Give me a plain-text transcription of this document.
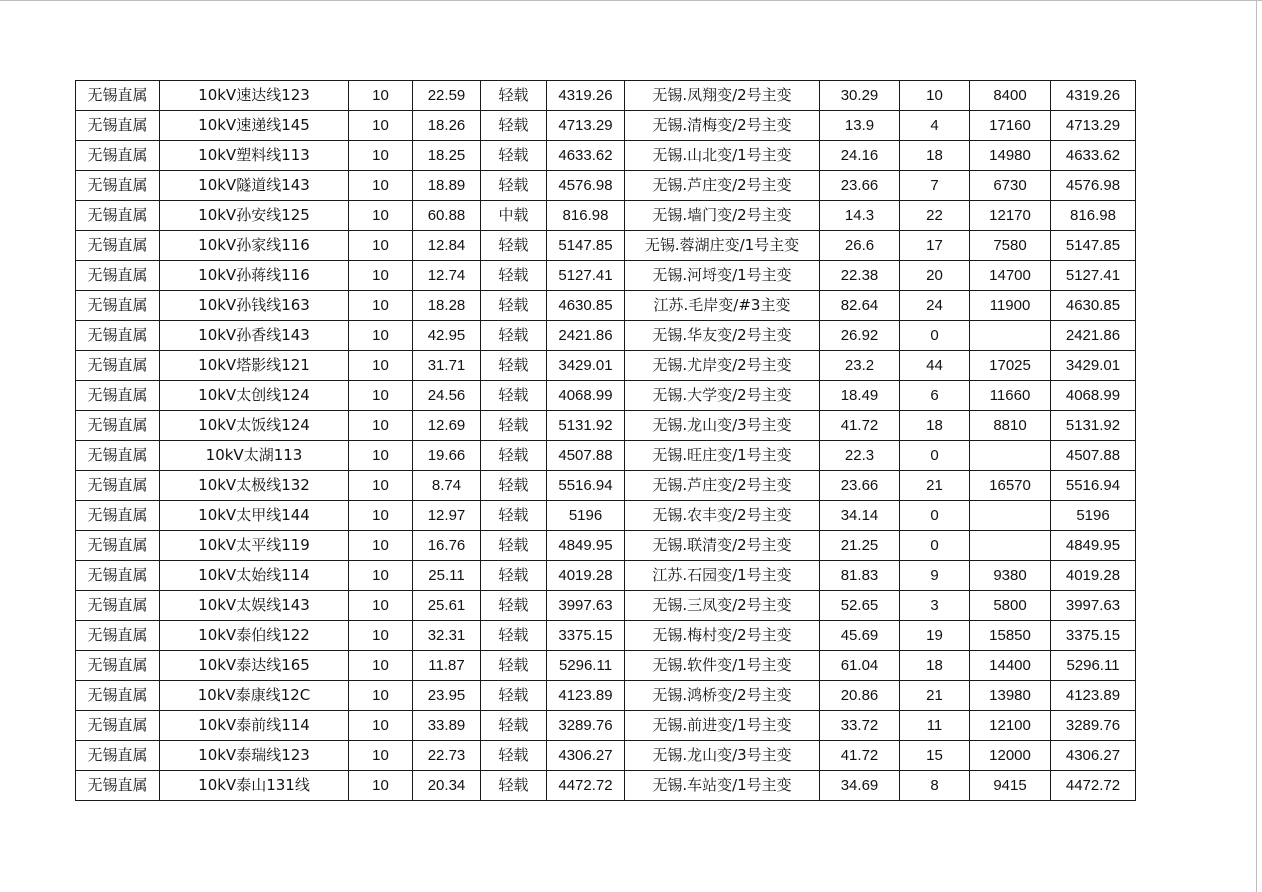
无锡直属	10kV速达线123	10	22.59	轻载	4319.26	无锡.凤翔变/2号主变	30.29	10	8400	4319.26
无锡直属	10kV速递线145	10	18.26	轻载	4713.29	无锡.清梅变/2号主变	13.9	4	17160	4713.29
无锡直属	10kV塑料线113	10	18.25	轻载	4633.62	无锡.山北变/1号主变	24.16	18	14980	4633.62
无锡直属	10kV隧道线143	10	18.89	轻载	4576.98	无锡.芦庄变/2号主变	23.66	7	6730	4576.98
无锡直属	10kV孙安线125	10	60.88	中载	816.98	无锡.墙门变/2号主变	14.3	22	12170	816.98
无锡直属	10kV孙家线116	10	12.84	轻载	5147.85	无锡.蓉湖庄变/1号主变	26.6	17	7580	5147.85
无锡直属	10kV孙蒋线116	10	12.74	轻载	5127.41	无锡.河埒变/1号主变	22.38	20	14700	5127.41
无锡直属	10kV孙钱线163	10	18.28	轻载	4630.85	江苏.毛岸变/#3主变	82.64	24	11900	4630.85
无锡直属	10kV孙香线143	10	42.95	轻载	2421.86	无锡.华友变/2号主变	26.92	0		2421.86
无锡直属	10kV塔影线121	10	31.71	轻载	3429.01	无锡.尤岸变/2号主变	23.2	44	17025	3429.01
无锡直属	10kV太创线124	10	24.56	轻载	4068.99	无锡.大学变/2号主变	18.49	6	11660	4068.99
无锡直属	10kV太饭线124	10	12.69	轻载	5131.92	无锡.龙山变/3号主变	41.72	18	8810	5131.92
无锡直属	10kV太湖113	10	19.66	轻载	4507.88	无锡.旺庄变/1号主变	22.3	0		4507.88
无锡直属	10kV太极线132	10	8.74	轻载	5516.94	无锡.芦庄变/2号主变	23.66	21	16570	5516.94
无锡直属	10kV太甲线144	10	12.97	轻载	5196	无锡.农丰变/2号主变	34.14	0		5196
无锡直属	10kV太平线119	10	16.76	轻载	4849.95	无锡.联清变/2号主变	21.25	0		4849.95
无锡直属	10kV太始线114	10	25.11	轻载	4019.28	江苏.石园变/1号主变	81.83	9	9380	4019.28
无锡直属	10kV太娱线143	10	25.61	轻载	3997.63	无锡.三凤变/2号主变	52.65	3	5800	3997.63
无锡直属	10kV泰伯线122	10	32.31	轻载	3375.15	无锡.梅村变/2号主变	45.69	19	15850	3375.15
无锡直属	10kV泰达线165	10	11.87	轻载	5296.11	无锡.软件变/1号主变	61.04	18	14400	5296.11
无锡直属	10kV泰康线12C	10	23.95	轻载	4123.89	无锡.鸿桥变/2号主变	20.86	21	13980	4123.89
无锡直属	10kV泰前线114	10	33.89	轻载	3289.76	无锡.前进变/1号主变	33.72	11	12100	3289.76
无锡直属	10kV泰瑞线123	10	22.73	轻载	4306.27	无锡.龙山变/3号主变	41.72	15	12000	4306.27
无锡直属	10kV泰山131线	10	20.34	轻载	4472.72	无锡.车站变/1号主变	34.69	8	9415	4472.72
